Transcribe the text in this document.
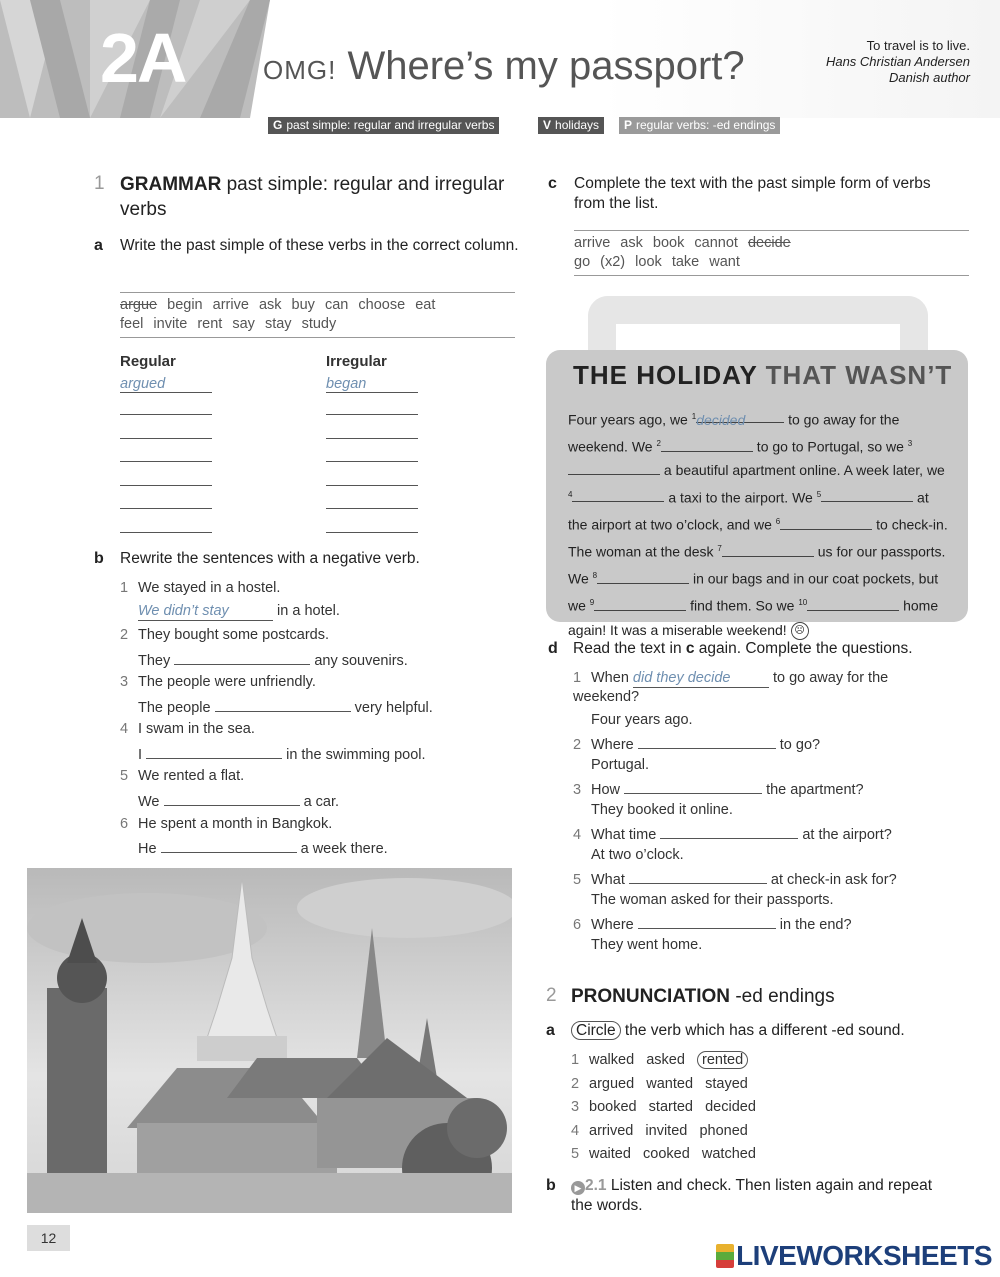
2A	OMG! Where’s my passport?	To travel is to live.
Hans Christian Andersen
Danish author
G past simple: regular and irregular verbs	V holidays	P regular verbs: -ed endings
1 GRAMMAR past simple: regular and irregular verbs
a Write the past simple of these verbs in the correct column.
argue begin arrive ask buy can choose eat
feel invite rent say stay study
Regular	Irregular
argued	began
b Rewrite the sentences with a negative verb.
1 We stayed in a hostel.
We didn’t stay	in a hotel.
2 They bought some postcards.
They	any souvenirs.
3 The people were unfriendly.
The people	very helpful.
4 I swam in the sea.
I	in the swimming pool.
5 We rented a flat.
We	a car.
6 He spent a month in Bangkok.
He	a week there.
c Complete the text with the past simple form of verbs from the list.
arrive ask book cannot decide
go (x2) look take want
THE HOLIDAY THAT WASN’T
Four years ago, we $^1$decided	to go away for the weekend. We $^2$	to go to Portugal, so we $^3$ a beautiful apartment online. A week later, we $^4$	a taxi to the airport. We $^5$	at the airport at two o’clock, and we $^6$	to check-in. The woman at the desk $^7$	us for our passports. We $^8$	in our bags and in our coat pockets, but we $^9$	find them. So we $^{10}$	home again! It was a miserable weekend! ☹
d Read the text in c again. Complete the questions.
1 When did they decide	to go away for the weekend?
Four years ago.
2 Where	to go?
Portugal.
3 How	the apartment?
They booked it online.
4 What time	at the airport?
At two o’clock.
5 What	at check-in ask for?
The woman asked for their passports.
6 Where	in the end?
They went home.
2 PRONUNCIATION -ed endings
a	Circle the verb which has a different -ed sound.
1 walked asked rented
2 argued wanted stayed
3 booked started decided
4 arrived invited phoned
5 waited cooked watched
b	▶ 2.1 Listen and check. Then listen again and repeat the words.
12
LIVEWORKSHEETS
